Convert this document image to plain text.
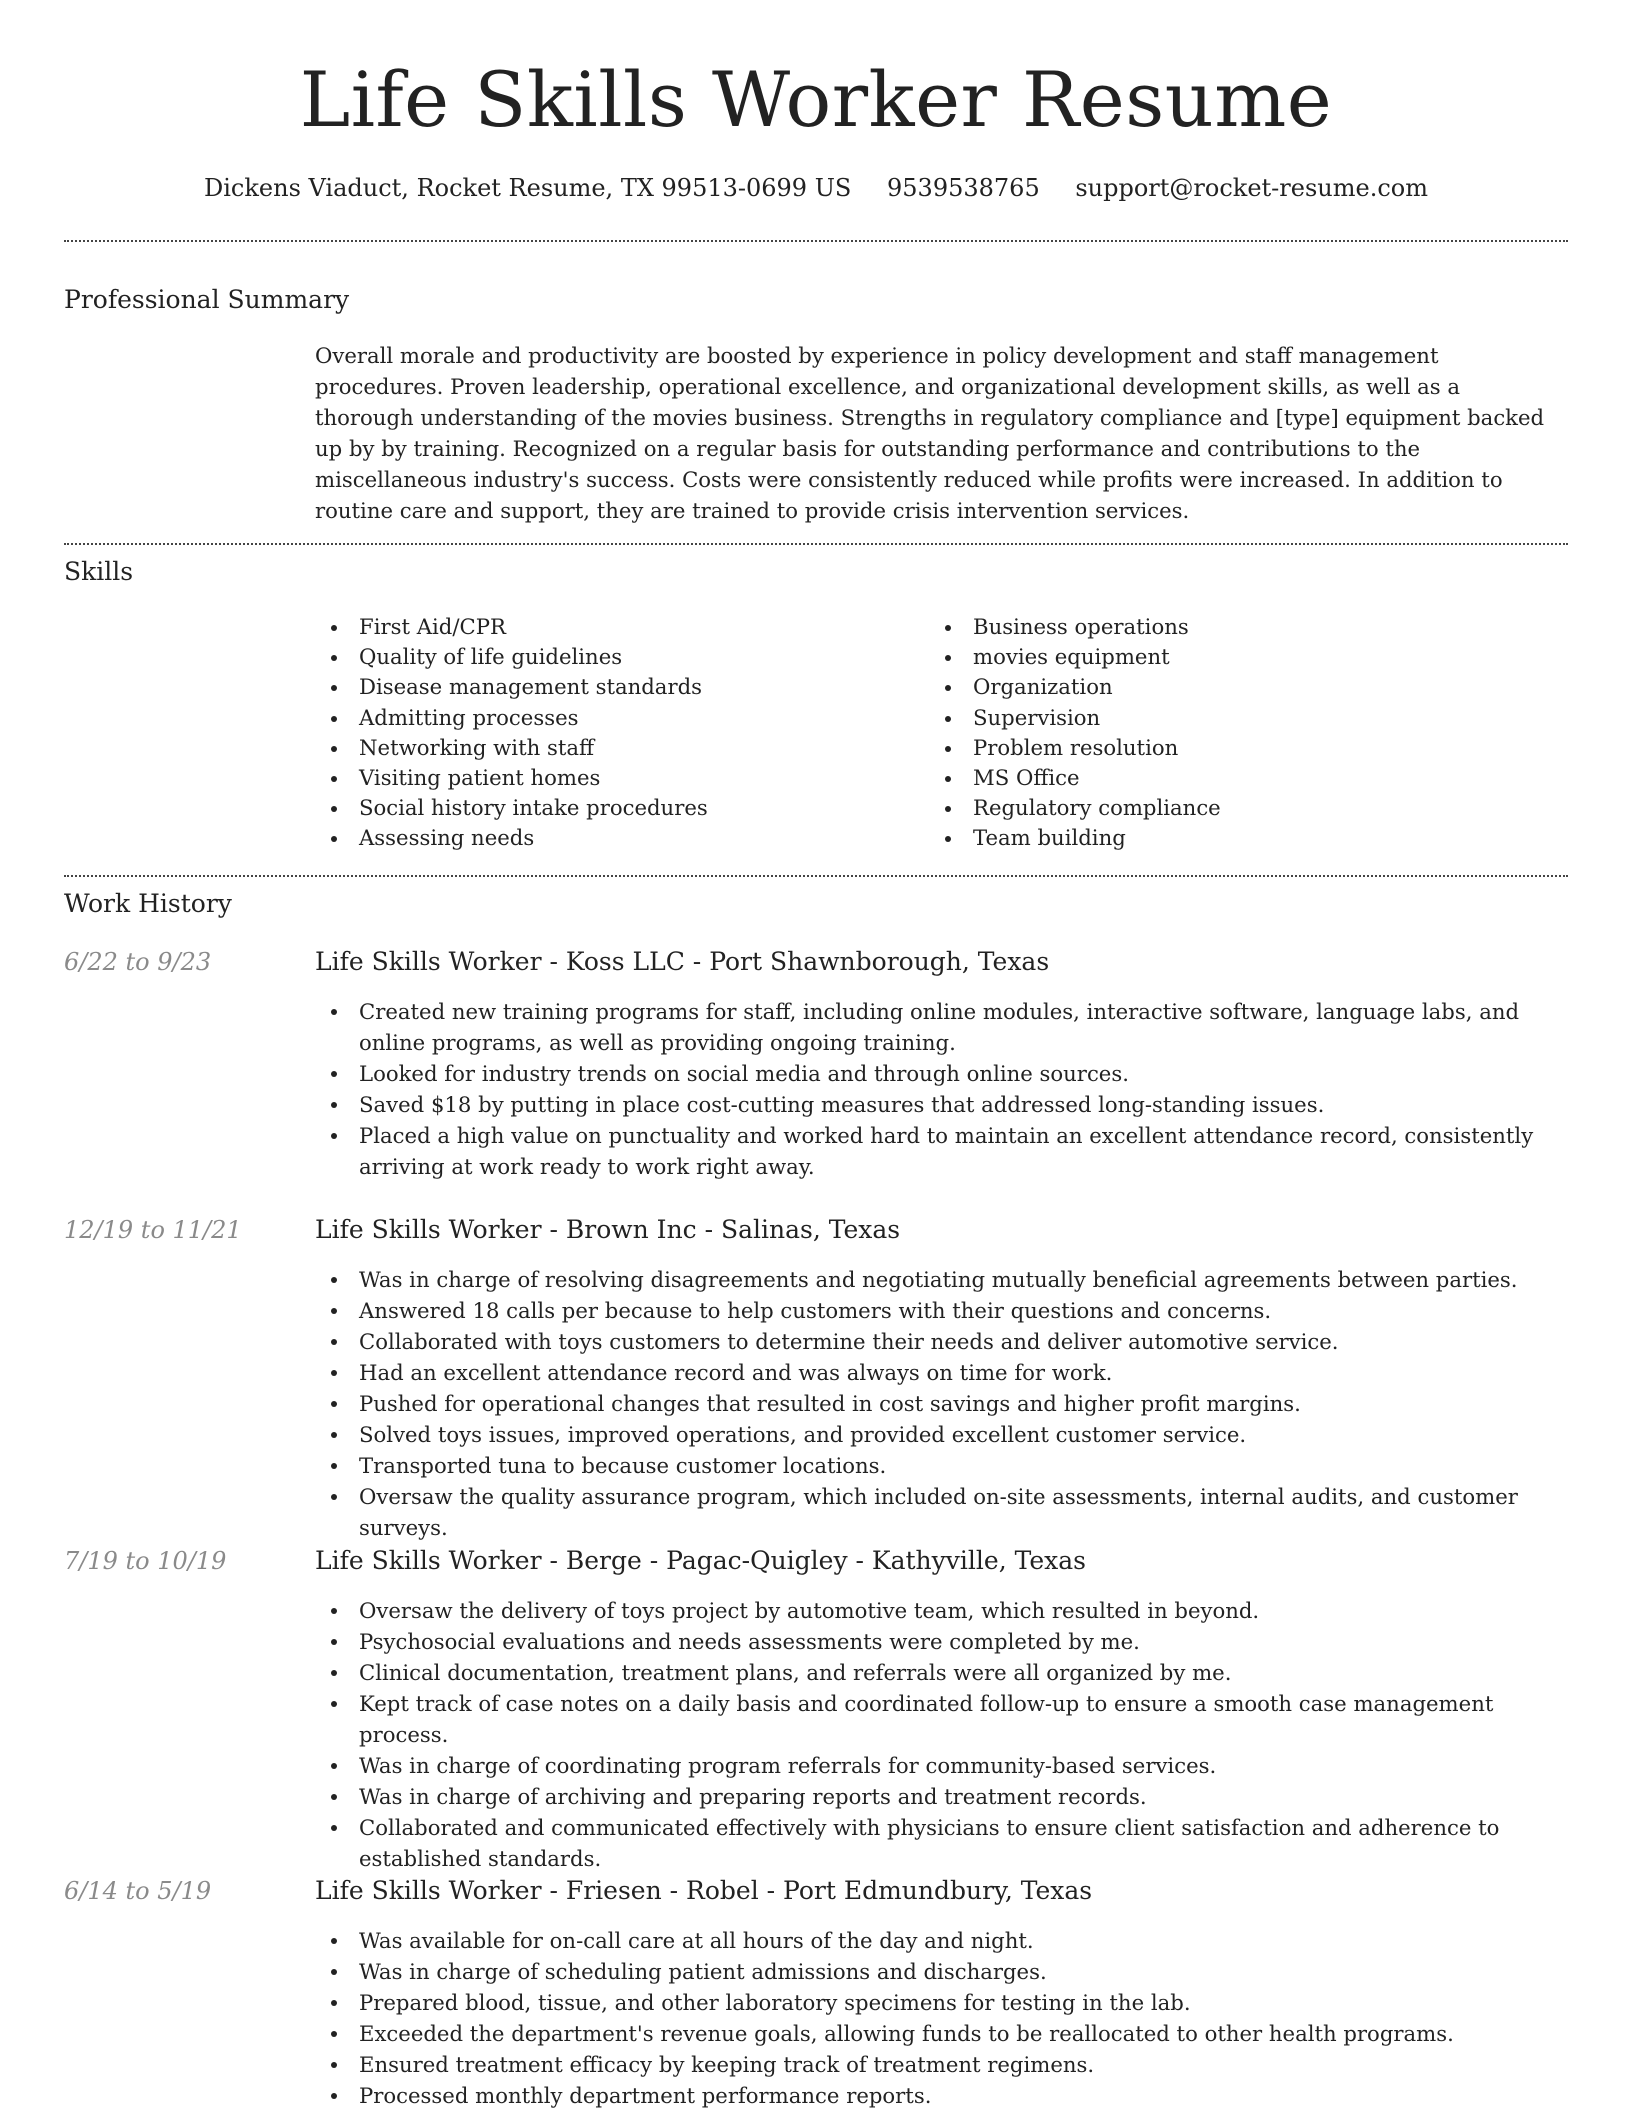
Life Skills Worker Resume
Dickens Viaduct, Rocket Resume, TX 99513-0699 US 9539538765 support@rocket-resume.com
Professional Summary

Overall morale and productivity are boosted by experience in policy development and staff management procedures. Proven leadership, operational excellence, and organizational development skills, as well as a thorough understanding of the movies business. Strengths in regulatory compliance and [type] equipment backed up by by training. Recognized on a regular basis for outstanding performance and contributions to the miscellaneous industry's success. Costs were consistently reduced while profits were increased. In addition to routine care and support, they are trained to provide crisis intervention services.

Skills
First Aid/CPR
Quality of life guidelines
Disease management standards
Admitting processes
Networking with staff
Visiting patient homes
Social history intake procedures
Assessing needs
Business operations
movies equipment
Organization
Supervision
Problem resolution
MS Office
Regulatory compliance
Team building
Work History
6/22 to 9/23	Life Skills Worker - Koss LLC - Port Shawnborough, Texas
Created new training programs for staff, including online modules, interactive software, language labs, and online programs, as well as providing ongoing training.
Looked for industry trends on social media and through online sources.
Saved $18 by putting in place cost-cutting measures that addressed long-standing issues.
Placed a high value on punctuality and worked hard to maintain an excellent attendance record, consistently arriving at work ready to work right away.
12/19 to 11/21	Life Skills Worker - Brown Inc - Salinas, Texas
Was in charge of resolving disagreements and negotiating mutually beneficial agreements between parties.
Answered 18 calls per because to help customers with their questions and concerns.
Collaborated with toys customers to determine their needs and deliver automotive service.
Had an excellent attendance record and was always on time for work.
Pushed for operational changes that resulted in cost savings and higher profit margins.
Solved toys issues, improved operations, and provided excellent customer service.
Transported tuna to because customer locations.
Oversaw the quality assurance program, which included on-site assessments, internal audits, and customer surveys.
7/19 to 10/19	Life Skills Worker - Berge - Pagac-Quigley - Kathyville, Texas
Oversaw the delivery of toys project by automotive team, which resulted in beyond.
Psychosocial evaluations and needs assessments were completed by me.
Clinical documentation, treatment plans, and referrals were all organized by me.
Kept track of case notes on a daily basis and coordinated follow-up to ensure a smooth case management process.
Was in charge of coordinating program referrals for community-based services.
Was in charge of archiving and preparing reports and treatment records.
Collaborated and communicated effectively with physicians to ensure client satisfaction and adherence to established standards.
6/14 to 5/19	Life Skills Worker - Friesen - Robel - Port Edmundbury, Texas
Was available for on-call care at all hours of the day and night.
Was in charge of scheduling patient admissions and discharges.
Prepared blood, tissue, and other laboratory specimens for testing in the lab.
Exceeded the department's revenue goals, allowing funds to be reallocated to other health programs.
Ensured treatment efficacy by keeping track of treatment regimens.
Processed monthly department performance reports.
